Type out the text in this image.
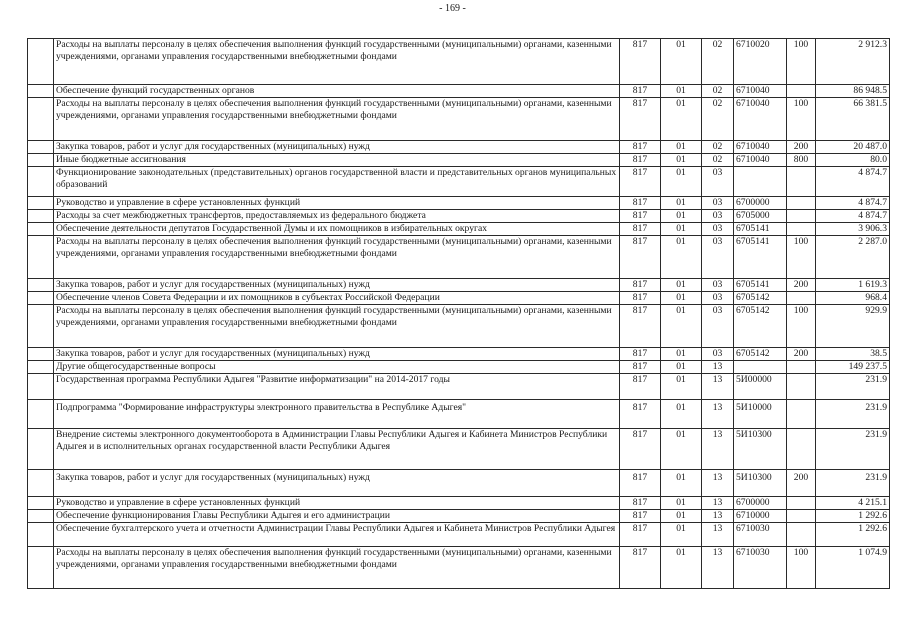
- 169 -
	Расходы на выплаты персоналу в целях обеспечения выполнения функций государственными (муниципальными) органами, казенными учреждениями, органами управления государственными внебюджетными фондами	817	01	02	6710020	100	2 912.3
	Обеспечение функций государственных органов	817	01	02	6710040		86 948.5
	Расходы на выплаты персоналу в целях обеспечения выполнения функций государственными (муниципальными) органами, казенными учреждениями, органами управления государственными внебюджетными фондами	817	01	02	6710040	100	66 381.5
	Закупка товаров, работ и услуг для государственных (муниципальных) нужд	817	01	02	6710040	200	20 487.0
	Иные бюджетные ассигнования	817	01	02	6710040	800	80.0
	Функционирование законодательных (представительных) органов государственной власти и представительных органов муниципальных образований	817	01	03			4 874.7
	Руководство и управление в сфере установленных функций	817	01	03	6700000		4 874.7
	Расходы за счет межбюджетных трансфертов, предоставляемых из федерального бюджета	817	01	03	6705000		4 874.7
	Обеспечение деятельности депутатов Государственной Думы и их помощников в избирательных округах	817	01	03	6705141		3 906.3
	Расходы на выплаты персоналу в целях обеспечения выполнения функций государственными (муниципальными) органами, казенными учреждениями, органами управления государственными внебюджетными фондами	817	01	03	6705141	100	2 287.0
	Закупка товаров, работ и услуг для государственных (муниципальных) нужд	817	01	03	6705141	200	1 619.3
	Обеспечение членов Совета Федерации и их помощников в субъектах Российской Федерации	817	01	03	6705142		968.4
	Расходы на выплаты персоналу в целях обеспечения выполнения функций государственными (муниципальными) органами, казенными учреждениями, органами управления государственными внебюджетными фондами	817	01	03	6705142	100	929.9
	Закупка товаров, работ и услуг для государственных (муниципальных) нужд	817	01	03	6705142	200	38.5
	Другие общегосударственные вопросы	817	01	13			149 237.5
	Государственная программа Республики Адыгея "Развитие информатизации" на 2014-2017 годы	817	01	13	5И00000		231.9
	Подпрограмма "Формирование инфраструктуры электронного правительства в Республике Адыгея"	817	01	13	5И10000		231.9
	Внедрение системы электронного документооборота в Администрации Главы Республики Адыгея и Кабинета Министров Республики Адыгея и в исполнительных органах государственной власти Республики Адыгея	817	01	13	5И10300		231.9
	Закупка товаров, работ и услуг для государственных (муниципальных) нужд	817	01	13	5И10300	200	231.9
	Руководство и управление в сфере установленных функций	817	01	13	6700000		4 215.1
	Обеспечение функционирования Главы Республики Адыгея и его администрации	817	01	13	6710000		1 292.6
	Обеспечение бухгалтерского учета и отчетности Администрации Главы Республики Адыгея и Кабинета Министров Республики Адыгея	817	01	13	6710030		1 292.6
	Расходы на выплаты персоналу в целях обеспечения выполнения функций государственными (муниципальными) органами, казенными учреждениями, органами управления государственными внебюджетными фондами	817	01	13	6710030	100	1 074.9
